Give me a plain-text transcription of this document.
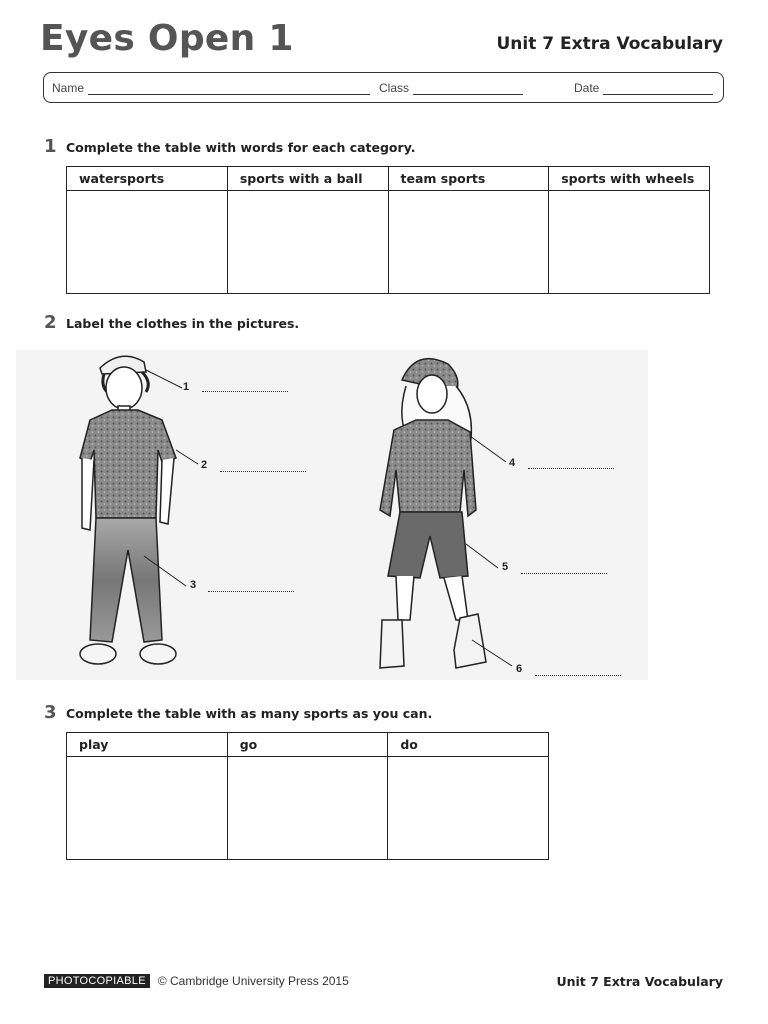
Eyes Open 1	Unit 7 Extra Vocabulary
Name	Class	Date
1 Complete the table with words for each category.
watersports	sports with a ball	team sports	sports with wheels

2 Label the clothes in the pictures.
1
2
3
4
5
6
3 Complete the table with as many sports as you can.
play	go	do

PHOTOCOPIABLE	© Cambridge University Press 2015	Unit 7 Extra Vocabulary
